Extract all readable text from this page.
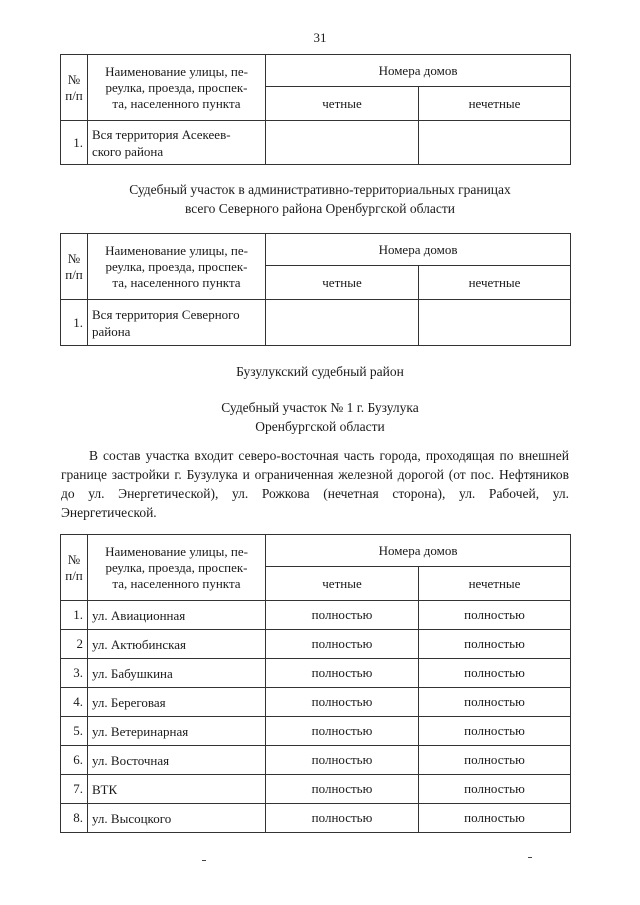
31
№
п/п	Наименование улицы, пе-
реулка, проезда, проспек-
та, населенного пункта	Номера домов	
		четные	нечетные
1.	Вся территория Асекеев-
ского района		
Судебный участок в административно-территориальных границах
всего Северного района Оренбургской области
№
п/п	Наименование улицы, пе-
реулка, проезда, проспек-
та, населенного пункта	Номера домов	
		четные	нечетные
1.	Вся территория Северного
района		
Бузулукский судебный район
Судебный участок № 1 г. Бузулука
Оренбургской области

В состав участка входит северо-восточная часть города, проходящая по внешней границе застройки г. Бузулука и ограниченная железной дорогой (от пос. Нефтяников до ул. Энергетической), ул. Рожкова (нечетная сторона), ул. Рабочей, ул. Энергетической.

№
п/п	Наименование улицы, пе-
реулка, проезда, проспек-
та, населенного пункта	Номера домов	
		четные	нечетные
1.	ул. Авиационная	полностью	полностью
2	ул. Актюбинская	полностью	полностью
3.	ул. Бабушкина	полностью	полностью
4.	ул. Береговая	полностью	полностью
5.	ул. Ветеринарная	полностью	полностью
6.	ул. Восточная	полностью	полностью
7.	ВТК	полностью	полностью
8.	ул. Высоцкого	полностью	полностью
